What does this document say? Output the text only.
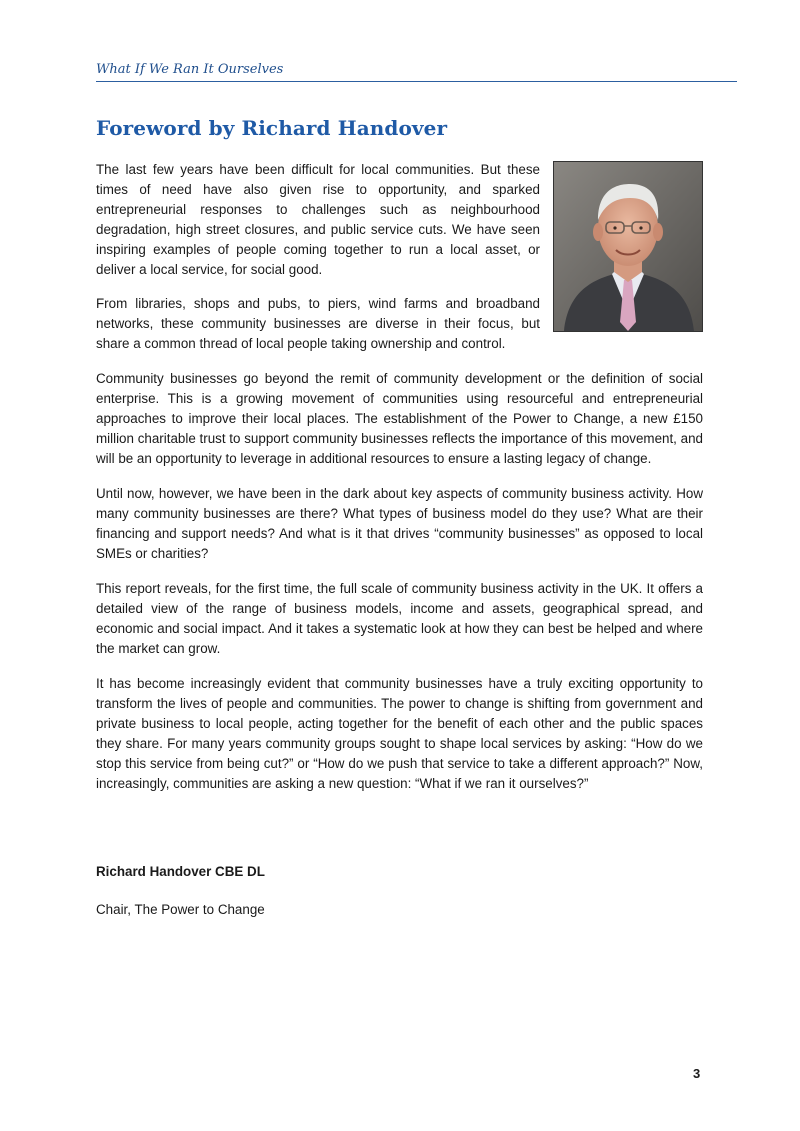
What If We Ran It Ourselves
Foreword by Richard Handover

The last few years have been difficult for local communities. But these times of need have also given rise to opportunity, and sparked entrepreneurial responses to challenges such as neighbourhood degradation, high street closures, and public service cuts. We have seen inspiring examples of people coming together to run a local asset, or deliver a local service, for social good.

From libraries, shops and pubs, to piers, wind farms and broadband networks, these community businesses are diverse in their focus, but share a common thread of local people taking ownership and control.

Community businesses go beyond the remit of community development or the definition of social enterprise. This is a growing movement of communities using resourceful and entrepreneurial approaches to improve their local places. The establishment of the Power to Change, a new £150 million charitable trust to support community businesses reflects the importance of this movement, and will be an opportunity to leverage in additional resources to ensure a lasting legacy of change.

Until now, however, we have been in the dark about key aspects of community business activity. How many community businesses are there? What types of business model do they use? What are their financing and support needs? And what is it that drives “community businesses” as opposed to local SMEs or charities?

This report reveals, for the first time, the full scale of community business activity in the UK. It offers a detailed view of the range of business models, income and assets, geographical spread, and economic and social impact. And it takes a systematic look at how they can best be helped and where the market can grow.

It has become increasingly evident that community businesses have a truly exciting opportunity to transform the lives of people and communities. The power to change is shifting from government and private business to local people, acting together for the benefit of each other and the public spaces they share. For many years community groups sought to shape local services by asking: “How do we stop this service from being cut?” or “How do we push that service to take a different approach?” Now, increasingly, communities are asking a new question: “What if we ran it ourselves?”

Richard Handover CBE DL
Chair, The Power to Change
3
